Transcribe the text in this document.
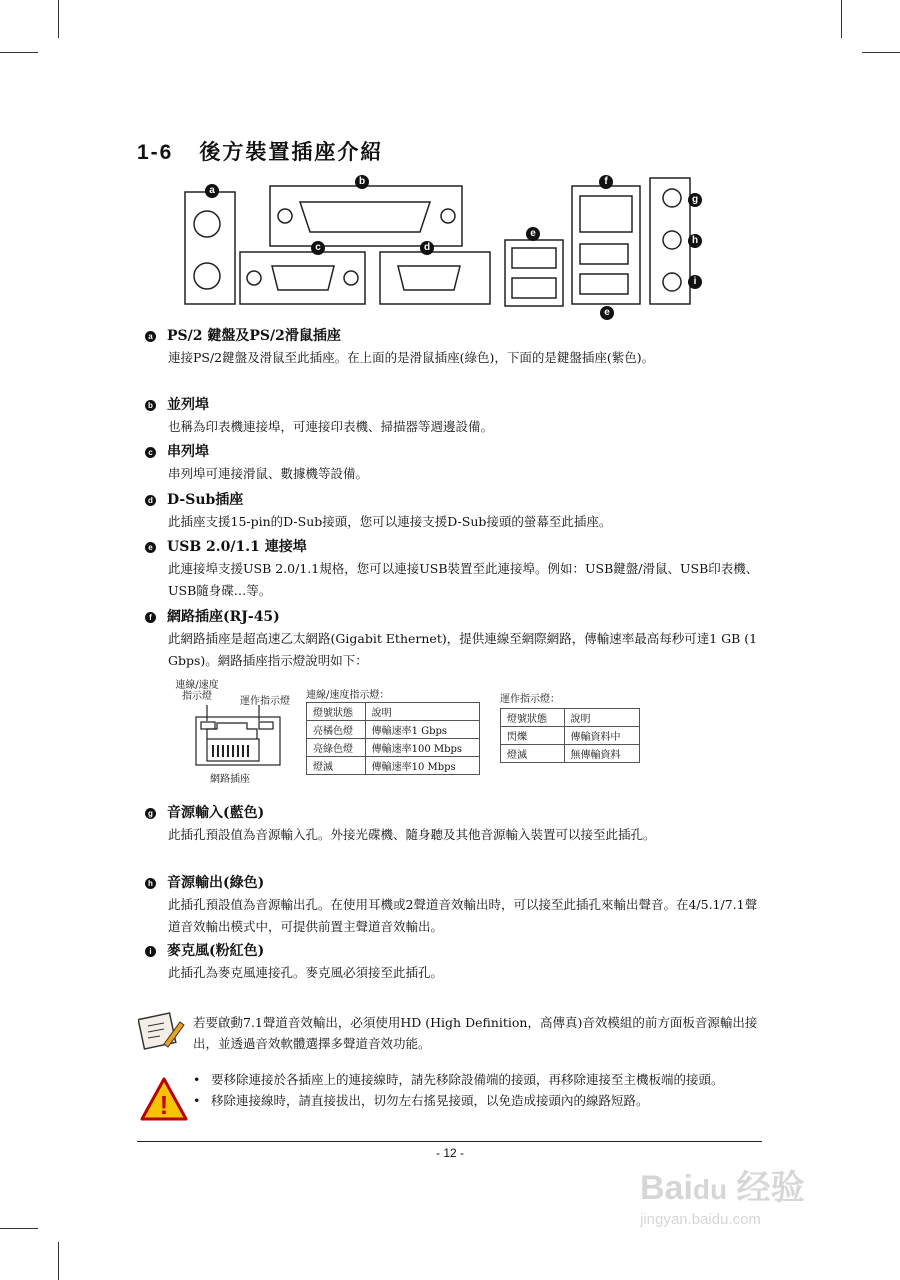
1-6 後方裝置插座介紹
a
b
c	d
e
e
f
g
h
i
a PS/2 鍵盤及PS/2滑鼠插座
連接PS/2鍵盤及滑鼠至此插座。在上面的是滑鼠插座(綠色)，下面的是鍵盤插座(紫色)。
b 並列埠
也稱為印表機連接埠，可連接印表機、掃描器等週邊設備。
c 串列埠
串列埠可連接滑鼠、數據機等設備。
d D-Sub插座
此插座支援15-pin的D-Sub接頭，您可以連接支援D-Sub接頭的螢幕至此插座。
e USB 2.0/1.1 連接埠
此連接埠支援USB 2.0/1.1規格，您可以連接USB裝置至此連接埠。例如：USB鍵盤/滑鼠、USB印表機、USB隨身碟…等。
f 網路插座(RJ-45)
此網路插座是超高速乙太網路(Gigabit Ethernet)，提供連線至網際網路，傳輸速率最高每秒可達1 GB (1 Gbps)。網路插座指示燈說明如下：
連線/速度指示燈	運作指示燈
網路插座
連線/速度指示燈：
燈號狀態	說明
亮橘色燈	傳輸速率1 Gbps
亮綠色燈	傳輸速率100 Mbps
燈滅	傳輸速率10 Mbps
運作指示燈：
燈號狀態	說明
閃爍	傳輸資料中
燈滅	無傳輸資料
g 音源輸入(藍色)
此插孔預設值為音源輸入孔。外接光碟機、隨身聽及其他音源輸入裝置可以接至此插孔。
h 音源輸出(綠色)
此插孔預設值為音源輸出孔。在使用耳機或2聲道音效輸出時，可以接至此插孔來輸出聲音。在4/5.1/7.1聲道音效輸出模式中，可提供前置主聲道音效輸出。
i 麥克風(粉紅色)
此插孔為麥克風連接孔。麥克風必須接至此插孔。
若要啟動7.1聲道音效輸出，必須使用HD (High Definition，高傳真)音效模組的前方面板音源輸出接出，並透過音效軟體選擇多聲道音效功能。
!
• 要移除連接於各插座上的連接線時，請先移除設備端的接頭，再移除連接至主機板端的接頭。
• 移除連接線時，請直接拔出，切勿左右搖晃接頭，以免造成接頭內的線路短路。
- 12 -
Baidu 经验
jingyan.baidu.com
